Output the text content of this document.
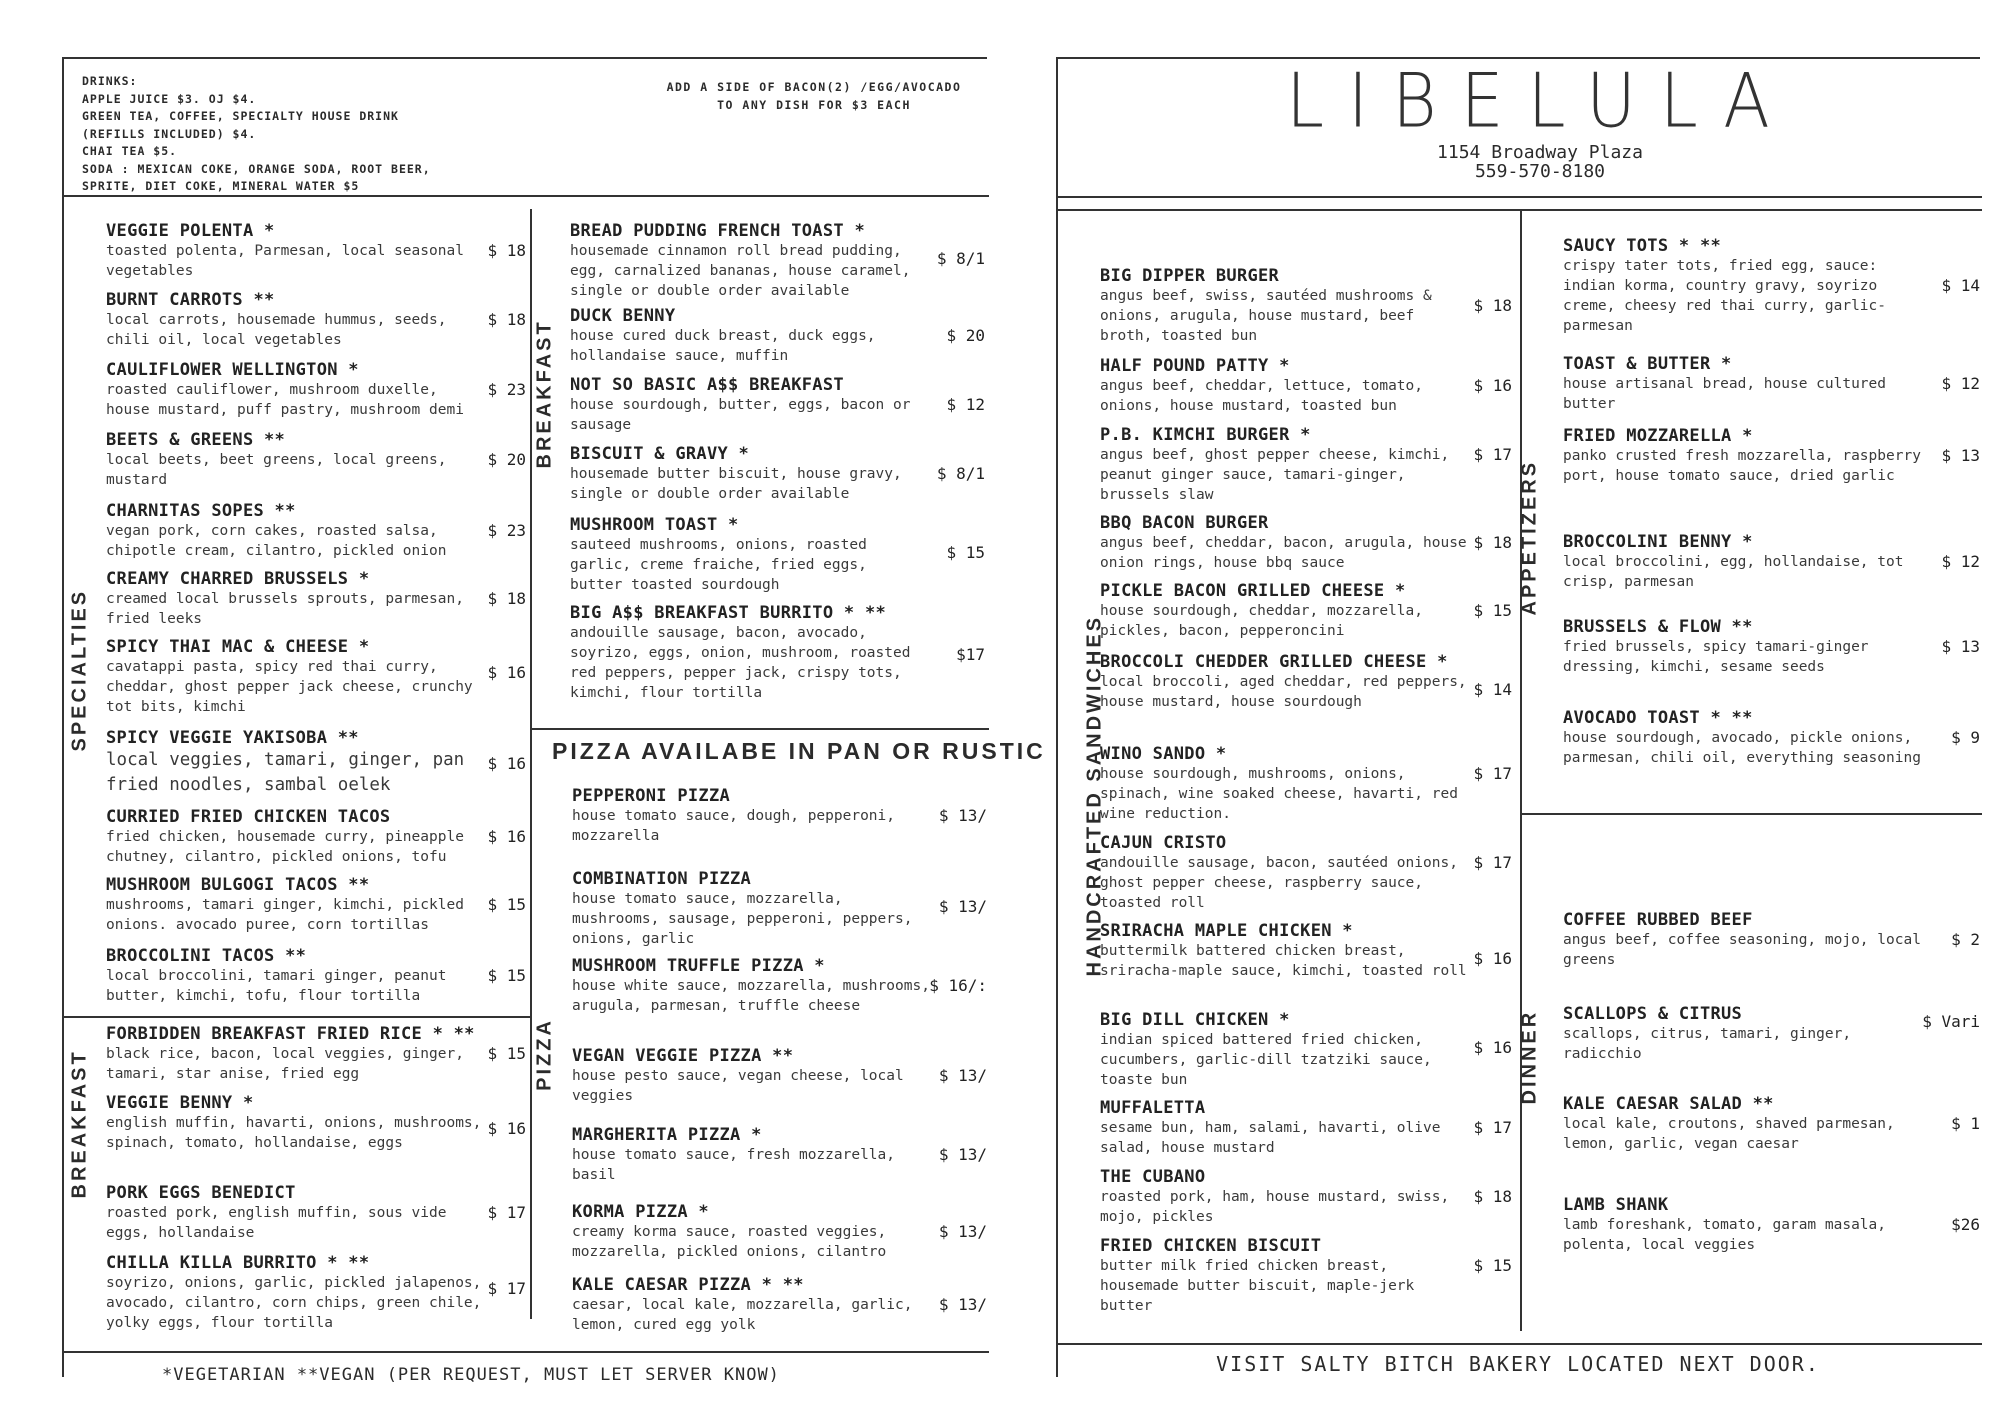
DRINKS:
APPLE JUICE $3. OJ $4.
GREEN TEA, COFFEE, SPECIALTY HOUSE DRINK
(REFILLS INCLUDED) $4.
CHAI TEA $5.
SODA : MEXICAN COKE, ORANGE SODA, ROOT BEER,
SPRITE, DIET COKE, MINERAL WATER $5
ADD A SIDE OF BACON(2) /EGG/AVOCADO
TO ANY DISH FOR $3 EACH
SPECIALTIES
BREAKFAST
BREAKFAST
PIZZA
PIZZA AVAILABE IN PAN OR RUSTIC
VEGGIE POLENTA *
toasted polenta, Parmesan, local seasonal vegetables
$ 18
BURNT CARROTS **
local carrots, housemade hummus, seeds, chili oil, local vegetables
$ 18
CAULIFLOWER WELLINGTON *
roasted cauliflower, mushroom duxelle, house mustard, puff pastry, mushroom demi
$ 23
BEETS & GREENS **
local beets, beet greens, local greens, mustard
$ 20
CHARNITAS SOPES **
vegan pork, corn cakes, roasted salsa, chipotle cream, cilantro, pickled onion
$ 23
CREAMY CHARRED BRUSSELS *
creamed local brussels sprouts, parmesan, fried leeks
$ 18
SPICY THAI MAC & CHEESE *
cavatappi pasta, spicy red thai curry, cheddar, ghost pepper jack cheese, crunchy tot bits, kimchi
$ 16
SPICY VEGGIE YAKISOBA **
local veggies, tamari, ginger, pan fried noodles, sambal oelek
$ 16
CURRIED FRIED CHICKEN TACOS
fried chicken, housemade curry, pineapple chutney, cilantro, pickled onions, tofu
$ 16
MUSHROOM BULGOGI TACOS **
mushrooms, tamari ginger, kimchi, pickled onions. avocado puree, corn tortillas
$ 15
BROCCOLINI TACOS **
local broccolini, tamari ginger, peanut butter, kimchi, tofu, flour tortilla
$ 15
FORBIDDEN BREAKFAST FRIED RICE * **
black rice, bacon, local veggies, ginger, tamari, star anise, fried egg
$ 15
VEGGIE BENNY *
english muffin, havarti, onions, mushrooms, spinach, tomato, hollandaise, eggs
$ 16
PORK EGGS BENEDICT
roasted pork, english muffin, sous vide eggs, hollandaise
$ 17
CHILLA KILLA BURRITO * **
soyrizo, onions, garlic, pickled jalapenos, avocado, cilantro, corn chips, green chile, yolky eggs, flour tortilla
$ 17
BREAD PUDDING FRENCH TOAST *
housemade cinnamon roll bread pudding, egg, carnalized bananas, house caramel, single or double order available
$ 8/1
DUCK BENNY
house cured duck breast, duck eggs, hollandaise sauce, muffin
$ 20
NOT SO BASIC A$$ BREAKFAST
house sourdough, butter, eggs, bacon or sausage
$ 12
BISCUIT & GRAVY *
housemade butter biscuit, house gravy, single or double order available
$ 8/1
MUSHROOM TOAST *
sauteed mushrooms, onions, roasted garlic, creme fraiche, fried eggs, butter toasted sourdough
$ 15
BIG A$$ BREAKFAST BURRITO * **
andouille sausage, bacon, avocado, soyrizo, eggs, onion, mushroom, roasted red peppers, pepper jack, crispy tots, kimchi, flour tortilla
$17
PEPPERONI PIZZA
house tomato sauce, dough, pepperoni, mozzarella
$ 13/
COMBINATION PIZZA
house tomato sauce, mozzarella, mushrooms, sausage, pepperoni, peppers, onions, garlic
$ 13/
MUSHROOM TRUFFLE PIZZA *
house white sauce, mozzarella, mushrooms, arugula, parmesan, truffle cheese
$ 16/:
VEGAN VEGGIE PIZZA **
house pesto sauce, vegan cheese, local veggies
$ 13/
MARGHERITA PIZZA *
house tomato sauce, fresh mozzarella, basil
$ 13/
KORMA PIZZA *
creamy korma sauce, roasted veggies, mozzarella, pickled onions, cilantro
$ 13/
KALE CAESAR PIZZA * **
caesar, local kale, mozzarella, garlic, lemon, cured egg yolk
$ 13/
*VEGETARIAN **VEGAN (PER REQUEST, MUST LET SERVER KNOW)
LIBELULA
1154 Broadway Plaza
559-570-8180
HANDCRAFTED SANDWICHES
APPETIZERS
DINNER
BIG DIPPER BURGER
angus beef, swiss, sautéed mushrooms & onions, arugula, house mustard, beef broth, toasted bun
$ 18
HALF POUND PATTY *
angus beef, cheddar, lettuce, tomato, onions, house mustard, toasted bun
$ 16
P.B. KIMCHI BURGER *
angus beef, ghost pepper cheese, kimchi, peanut ginger sauce, tamari-ginger, brussels slaw
$ 17
BBQ BACON BURGER
angus beef, cheddar, bacon, arugula, house onion rings, house bbq sauce
$ 18
PICKLE BACON GRILLED CHEESE *
house sourdough, cheddar, mozzarella, pickles, bacon, pepperoncini
$ 15
BROCCOLI CHEDDER GRILLED CHEESE *
local broccoli, aged cheddar, red peppers, house mustard, house sourdough
$ 14
WINO SANDO *
house sourdough, mushrooms, onions, spinach, wine soaked cheese, havarti, red wine reduction.
$ 17
CAJUN CRISTO
andouille sausage, bacon, sautéed onions, ghost pepper cheese, raspberry sauce, toasted roll
$ 17
SRIRACHA MAPLE CHICKEN *
buttermilk battered chicken breast, sriracha-maple sauce, kimchi, toasted roll
$ 16
BIG DILL CHICKEN *
indian spiced battered fried chicken, cucumbers, garlic-dill tzatziki sauce, toaste bun
$ 16
MUFFALETTA
sesame bun, ham, salami, havarti, olive salad, house mustard
$ 17
THE CUBANO
roasted pork, ham, house mustard, swiss, mojo, pickles
$ 18
FRIED CHICKEN BISCUIT
butter milk fried chicken breast, housemade butter biscuit, maple-jerk butter
$ 15
SAUCY TOTS * **
crispy tater tots, fried egg, sauce: indian korma, country gravy, soyrizo creme, cheesy red thai curry, garlic-parmesan
$ 14
TOAST & BUTTER *
house artisanal bread, house cultured butter
$ 12
FRIED MOZZARELLA *
panko crusted fresh mozzarella, raspberry port, house tomato sauce, dried garlic
$ 13
BROCCOLINI BENNY *
local broccolini, egg, hollandaise, tot crisp, parmesan
$ 12
BRUSSELS & FLOW **
fried brussels, spicy tamari-ginger dressing, kimchi, sesame seeds
$ 13
AVOCADO TOAST * **
house sourdough, avocado, pickle onions, parmesan, chili oil, everything seasoning
$ 9
COFFEE RUBBED BEEF
angus beef, coffee seasoning, mojo, local greens
$ 2
SCALLOPS & CITRUS
scallops, citrus, tamari, ginger, radicchio
$ Vari
KALE CAESAR SALAD **
local kale, croutons, shaved parmesan, lemon, garlic, vegan caesar
$ 1
LAMB SHANK
lamb foreshank, tomato, garam masala, polenta, local veggies
$26
VISIT SALTY BITCH BAKERY LOCATED NEXT DOOR.
